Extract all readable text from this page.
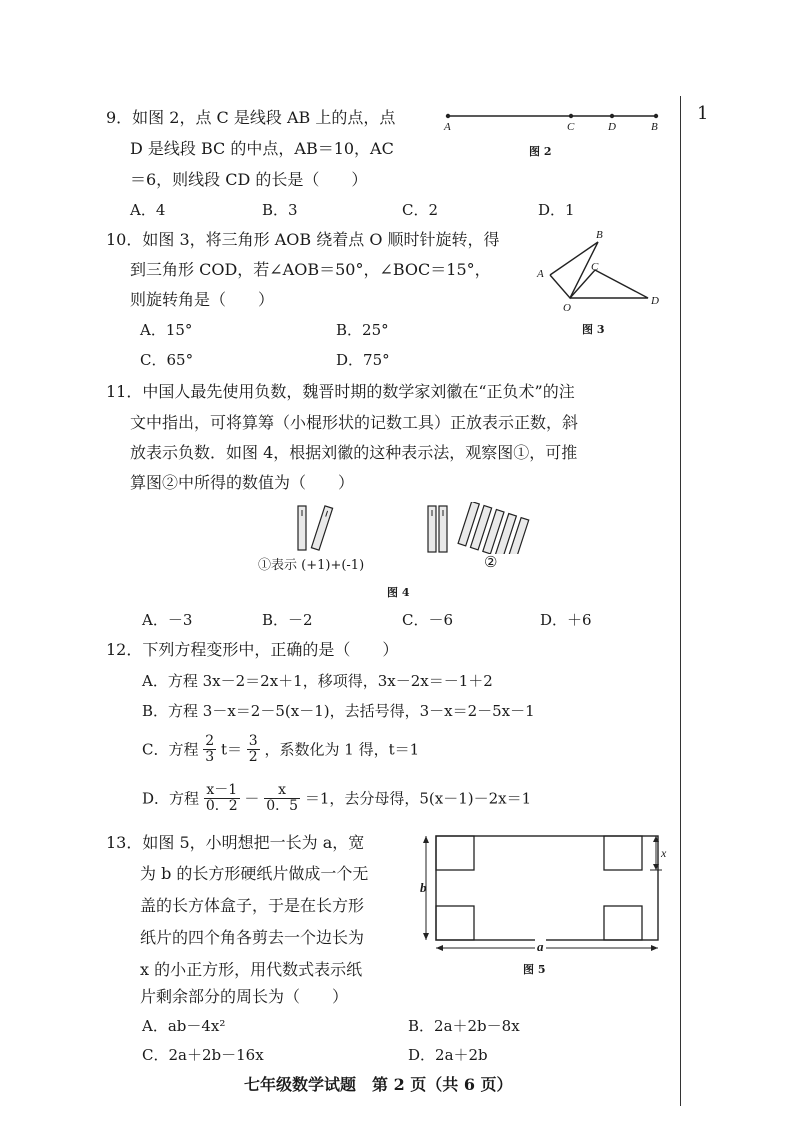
1
9．如图 2，点 C 是线段 AB 上的点，点
D 是线段 BC 的中点，AB＝10，AC
＝6，则线段 CD 的长是（　　）
A．4	B．3	C．2	D．1
A	C	D	B
图 2
10．如图 3，将三角形 AOB 绕着点 O 顺时针旋转，得
到三角形 COD，若∠AOB＝50°，∠BOC＝15°，
则旋转角是（　　）
A．15°	B．25°
C．65°	D．75°
B
A
C
O
D
图 3
11．中国人最先使用负数，魏晋时期的数学家刘徽在“正负术”的注
文中指出，可将算筹（小棍形状的记数工具）正放表示正数，斜
放表示负数．如图 4，根据刘徽的这种表示法，观察图①，可推
算图②中所得的数值为（　　）
①表示 (+1)+(-1)	②
图 4
A．－3	B．－2	C．－6	D．＋6
12．下列方程变形中，正确的是（　　）
A．方程 3x－2＝2x＋1，移项得，3x－2x＝－1＋2
B．方程 3－x＝2－5(x－1)，去括号得，3－x＝2－5x－1
C．方程 $\frac{2}{3} t= \frac{3}{2}$ ，系数化为 1 得，t＝1
D．方程 $\frac{x-1}{0.2} - \frac{x}{0.5} =1$，去分母得，5(x－1)－2x＝1
13．如图 5，小明想把一长为 a，宽
为 b 的长方形硬纸片做成一个无
盖的长方体盒子，于是在长方形
纸片的四个角各剪去一个边长为
x 的小正方形，用代数式表示纸
片剩余部分的周长为（　　）
b
a
x
图 5
A．ab－4x²	B．2a＋2b－8x
C．2a＋2b－16x	D．2a＋2b
七年级数学试题　第 2 页（共 6 页）
